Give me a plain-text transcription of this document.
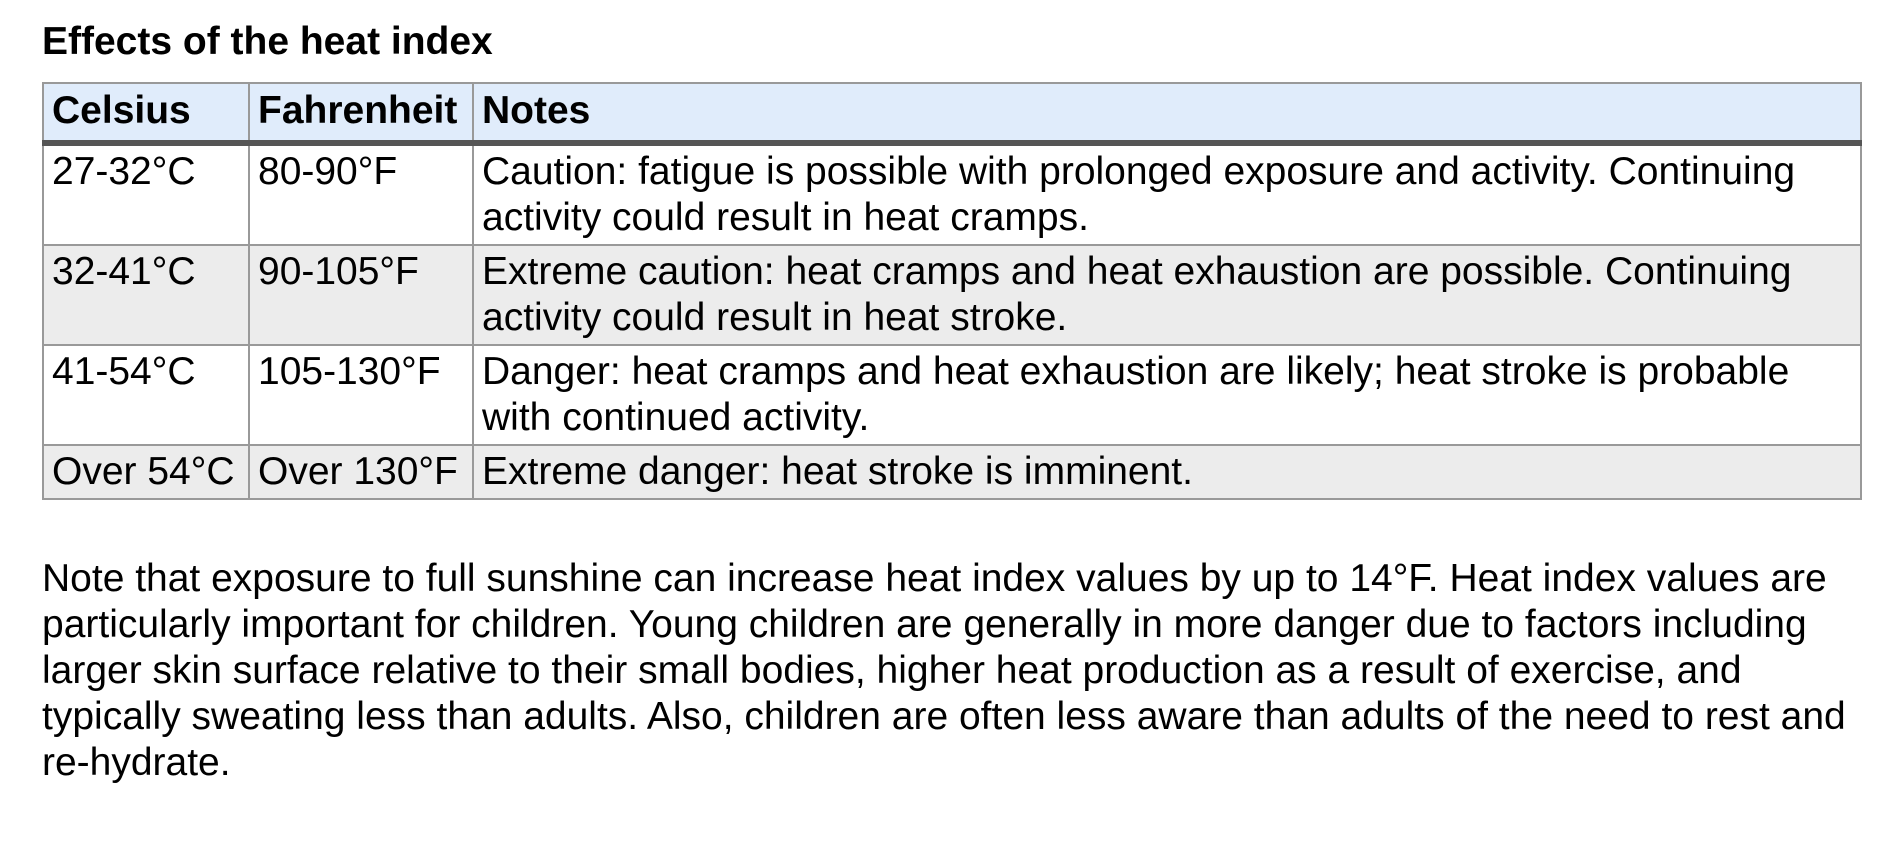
Effects of the heat index
Celsius	Fahrenheit	Notes
27-32°C	80-90°F	Caution: fatigue is possible with prolonged exposure and activity. Continuing activity could result in heat cramps.
32-41°C	90-105°F	Extreme caution: heat cramps and heat exhaustion are possible. Continuing activity could result in heat stroke.
41-54°C	105-130°F	Danger: heat cramps and heat exhaustion are likely; heat stroke is probable with continued activity.
Over 54°C	Over 130°F	Extreme danger: heat stroke is imminent.

Note that exposure to full sunshine can increase heat index values by up to 14°F. Heat index values are particularly important for children. Young children are generally in more danger due to factors including larger skin surface relative to their small bodies, higher heat production as a result of exercise, and typically sweating less than adults. Also, children are often less aware than adults of the need to rest and re-hydrate.
